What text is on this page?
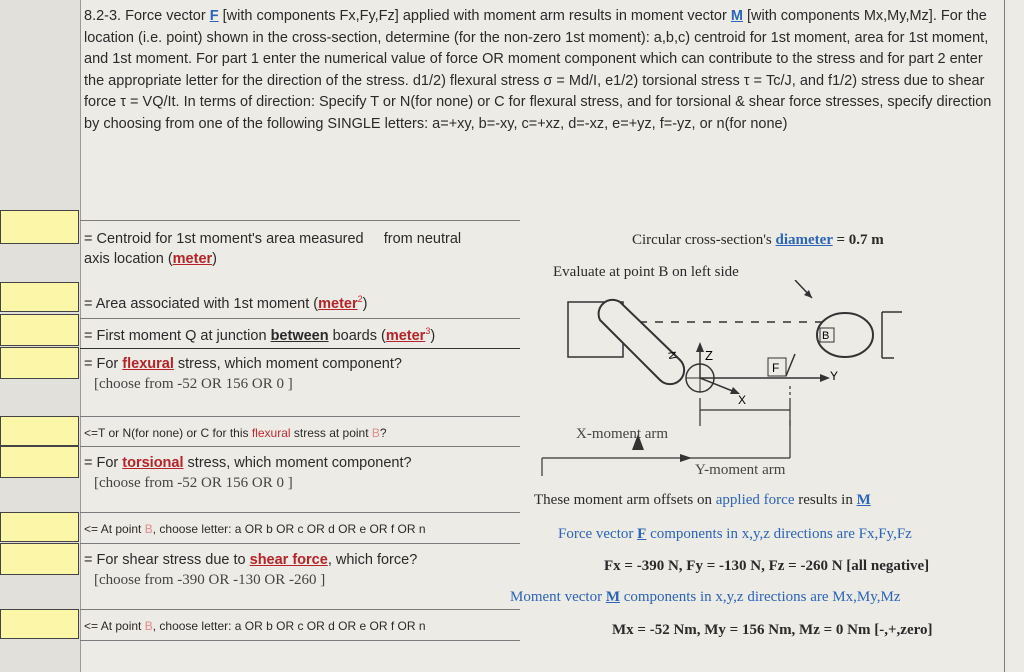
8.2-3. Force vector F [with components Fx,Fy,Fz] applied with moment arm results in moment vector M [with components Mx,My,Mz]. For the location (i.e. point) shown in the cross-section, determine (for the non-zero 1st moment): a,b,c) centroid for 1st moment, area for 1st moment, and 1st moment. For part 1 enter the numerical value of force OR moment component which can contribute to the stress and for part 2 enter the appropriate letter for the direction of the stress. d1/2) flexural stress σ = Md/I, e1/2) torsional stress τ = Tc/J, and f1/2) stress due to shear force τ = VQ/It. In terms of direction: Specify T or N(for none) or C for flexural stress, and for torsional & shear force stresses, specify direction by choosing from one of the following SINGLE letters: a=+xy, b=-xy, c=+xz, d=-xz, e=+yz, f=-yz, or n(for none)
= Centroid for 1st moment's area measured from neutral
axis location (meter)
= Area associated with 1st moment (meter$^2$)
= First moment Q at junction between boards (meter$^3$)
= For flexural stress, which moment component?
[choose from -52 OR 156 OR 0 ]
<=T or N(for none) or C for this flexural stress at point B?
= For torsional stress, which moment component?
[choose from -52 OR 156 OR 0 ]
<= At point B, choose letter: a OR b OR c OR d OR e OR f OR n
= For shear stress due to shear force, which force?
[choose from -390 OR -130 OR -260 ]
<= At point B, choose letter: a OR b OR c OR d OR e OR f OR n
Circular cross-section's diameter = 0.7 m
Evaluate at point B on left side
B
Z
X
Y
F
N
X-moment arm
Y-moment arm
These moment arm offsets on applied force results in M
Force vector F components in x,y,z directions are Fx,Fy,Fz
Fx = -390 N, Fy = -130 N, Fz = -260 N [all negative]
Moment vector M components in x,y,z directions are Mx,My,Mz
Mx = -52 Nm, My = 156 Nm, Mz = 0 Nm [-,+,zero]
